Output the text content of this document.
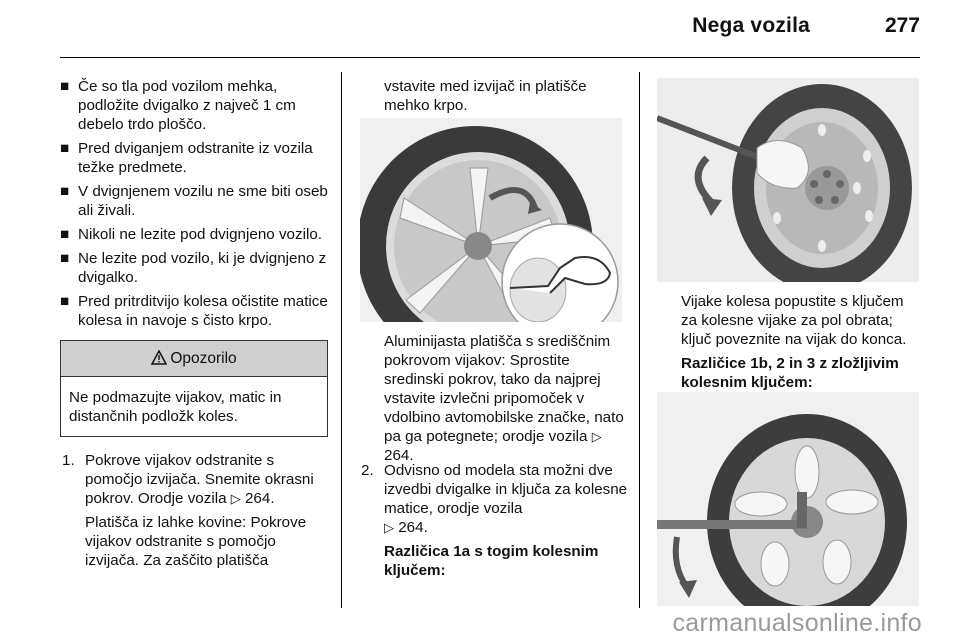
Nega vozila	277
■ Če so tla pod vozilom mehka, podložite dvigalko z največ 1 cm debelo trdo ploščo.
■ Pred dviganjem odstranite iz vozila težke predmete.
■ V dvignjenem vozilu ne sme biti oseb ali živali.
■ Nikoli ne lezite pod dvignjeno vozilo.
■ Ne lezite pod vozilo, ki je dvignjeno z dvigalko.
■ Pred pritrditvijo kolesa očistite matice kolesa in navoje s čisto krpo.
Opozorilo
Ne podmazujte vijakov, matic in distančnih podložk koles.
1. Pokrove vijakov odstranite s pomočjo izvijača. Snemite okrasni pokrov. Orodje vozila ▷ 264.
Platišča iz lahke kovine: Pokrove vijakov odstranite s pomočjo izvijača. Za zaščito platišča
vstavite med izvijač in platišče mehko krpo.
Aluminijasta platišča s središčnim pokrovom vijakov: Sprostite sredinski pokrov, tako da najprej vstavite izvlečni pripomoček v vdolbino avtomobilske značke, nato pa ga potegnete; orodje vozila ▷ 264.
2. Odvisno od modela sta možni dve izvedbi dvigalke in ključa za kolesne matice, orodje vozila
▷ 264.
Različica 1a s togim kolesnim ključem:
Vijake kolesa popustite s ključem za kolesne vijake za pol obrata; ključ poveznite na vijak do konca.
Različice 1b, 2 in 3 z zložljivim kolesnim ključem:
carmanualsonline.info
